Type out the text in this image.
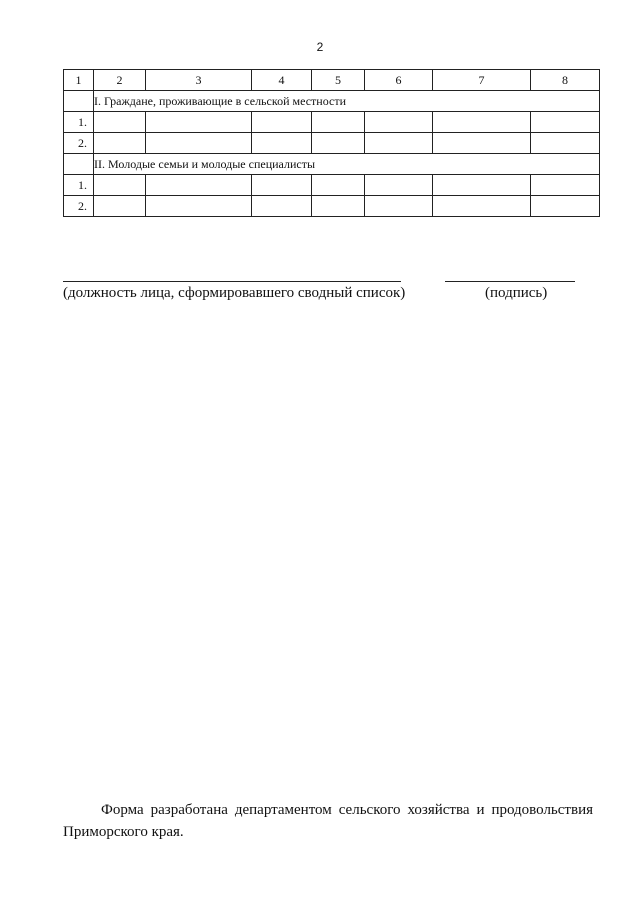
2
1	2	3	4	5	6	7	8
	I. Граждане, проживающие в сельской местности						
1.							
2.							
	II. Молодые семьи и молодые специалисты						
1.							
2.							
(должность лица, сформировавшего сводный список)	(подпись)
Форма разработана департаментом сельского хозяйства и продовольствия Приморского края.
